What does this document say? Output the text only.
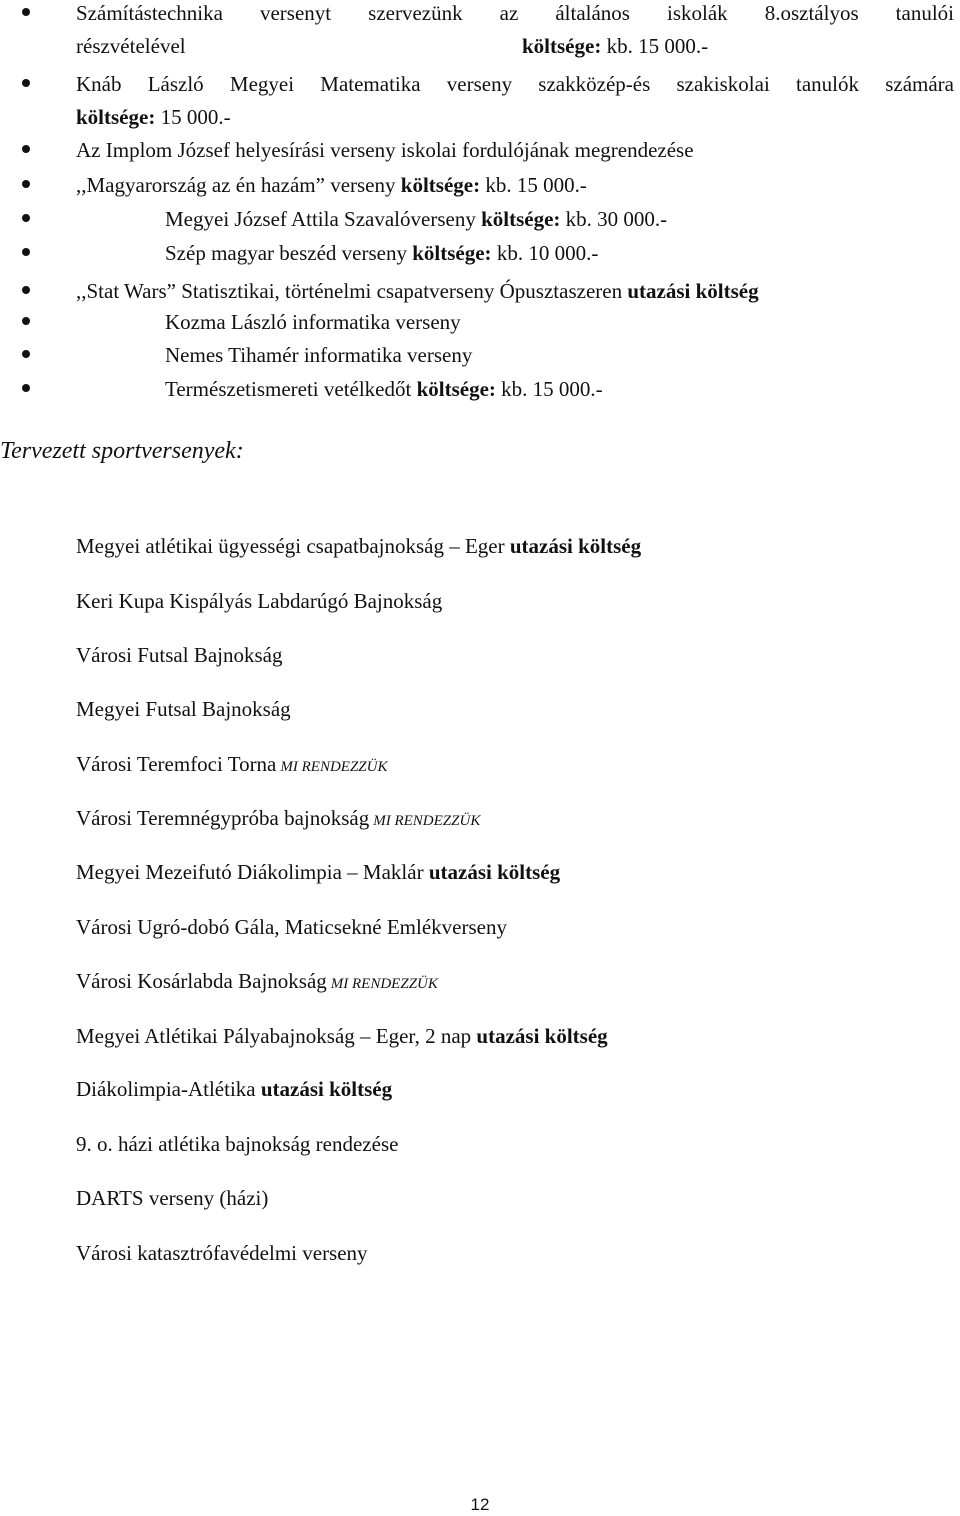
Számítástechnika versenyt szervezünk az általános iskolák 8.osztályos tanulói
részvételével	költsége: kb. 15 000.-
Knáb László Megyei Matematika verseny szakközép-és szakiskolai tanulók számára
költsége: 15 000.-
Az Implom József helyesírási verseny iskolai fordulójának megrendezése
,,Magyarország az én hazám” verseny költsége: kb. 15 000.-
Megyei József Attila Szavalóverseny költsége: kb. 30 000.-
Szép magyar beszéd verseny költsége: kb. 10 000.-
,,Stat Wars” Statisztikai, történelmi csapatverseny Ópusztaszeren utazási költség
Kozma László informatika verseny
Nemes Tihamér informatika verseny
Természetismereti vetélkedőt költsége: kb. 15 000.-
Tervezett sportversenyek:
Megyei atlétikai ügyességi csapatbajnokság – Eger utazási költség
Keri Kupa Kispályás Labdarúgó Bajnokság
Városi Futsal Bajnokság
Megyei Futsal Bajnokság
Városi Teremfoci Torna MI RENDEZZÜK
Városi Teremnégypróba bajnokság MI RENDEZZÜK
Megyei Mezeifutó Diákolimpia – Maklár utazási költség
Városi Ugró-dobó Gála, Maticsekné Emlékverseny
Városi Kosárlabda Bajnokság MI RENDEZZÜK
Megyei Atlétikai Pályabajnokság – Eger, 2 nap utazási költség
Diákolimpia-Atlétika utazási költség
9. o. házi atlétika bajnokság rendezése
DARTS verseny (házi)
Városi katasztrófavédelmi verseny
12
